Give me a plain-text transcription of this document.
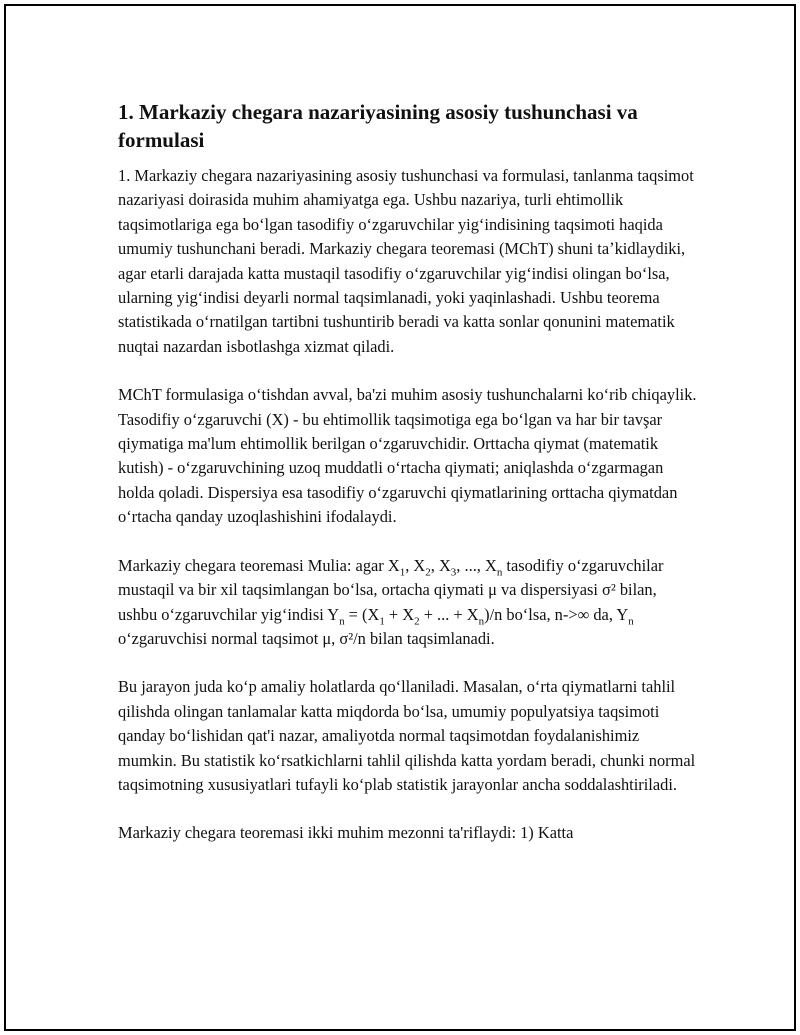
1. Markaziy chegara nazariyasining asosiy tushunchasi va formulasi

1. Markaziy chegara nazariyasining asosiy tushunchasi va formulasi, tanlanma taqsimot nazariyasi doirasida muhim ahamiyatga ega. Ushbu nazariya, turli ehtimollik taqsimotlariga ega boʻlgan tasodifiy oʻzgaruvchilar yigʻindisining taqsimoti haqida umumiy tushunchani beradi. Markaziy chegara teoremasi (MChT) shuni taʼkidlaydiki, agar etarli darajada katta mustaqil tasodifiy oʻzgaruvchilar yigʻindisi olingan boʻlsa, ularning yigʻindisi deyarli normal taqsimlanadi, yoki yaqinlashadi. Ushbu teorema statistikada oʻrnatilgan tartibni tushuntirib beradi va katta sonlar qonunini matematik nuqtai nazardan isbotlashga xizmat qiladi.

MChT formulasiga oʻtishdan avval, ba'zi muhim asosiy tushunchalarni koʻrib chiqaylik. Tasodifiy oʻzgaruvchi (X) - bu ehtimollik taqsimotiga ega boʻlgan va har bir tavşar qiymatiga ma'lum ehtimollik berilgan oʻzgaruvchidir. Orttacha qiymat (matematik kutish) - oʻzgaruvchining uzoq muddatli oʻrtacha qiymati; aniqlashda oʻzgarmagan holda qoladi. Dispersiya esa tasodifiy oʻzgaruvchi qiymatlarining orttacha qiymatdan oʻrtacha qanday uzoqlashishini ifodalaydi.

Markaziy chegara teoremasi Mulia: agar $X_1$, $X_2$, $X_3$, ..., $X_n$ tasodifiy oʻzgaruvchilar mustaqil va bir xil taqsimlangan boʻlsa, ortacha qiymati μ va dispersiyasi σ² bilan, ushbu oʻzgaruvchilar yigʻindisi $Y_n = (X_1 + X_2$ + ... + $X_n)/n$ boʻlsa, n->∞ da, $Y_n$ oʻzgaruvchisi normal taqsimot μ, σ²/n bilan taqsimlanadi.

Bu jarayon juda koʻp amaliy holatlarda qoʻllaniladi. Masalan, oʻrta qiymatlarni tahlil qilishda olingan tanlamalar katta miqdorda boʻlsa, umumiy populyatsiya taqsimoti qanday boʻlishidan qat'i nazar, amaliyotda normal taqsimotdan foydalanishimiz mumkin. Bu statistik koʻrsatkichlarni tahlil qilishda katta yordam beradi, chunki normal taqsimotning xususiyatlari tufayli koʻplab statistik jarayonlar ancha soddalashtiriladi.

Markaziy chegara teoremasi ikki muhim mezonni ta'riflaydi: 1) Katta
